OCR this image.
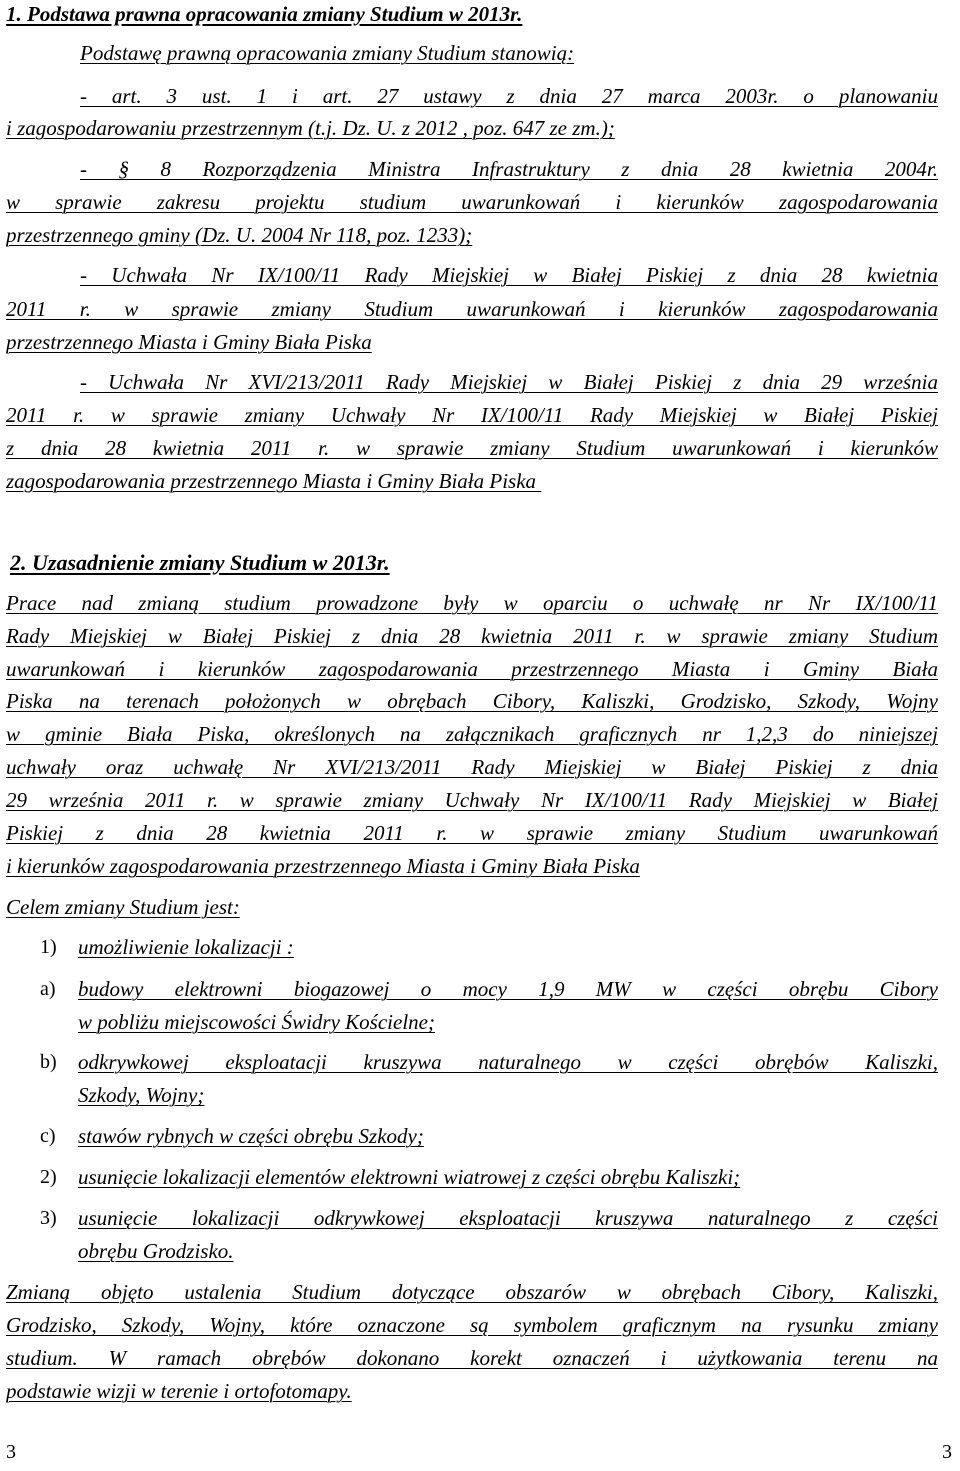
1. Podstawa prawna opracowania zmiany Studium w 2013r.
Podstawę prawną opracowania zmiany Studium stanowią:
- art. 3 ust. 1 i art. 27 ustawy z dnia 27 marca 2003r. o planowaniu
i zagospodarowaniu przestrzennym (t.j. Dz. U. z 2012 , poz. 647 ze zm.);
- § 8 Rozporządzenia Ministra Infrastruktury z dnia 28 kwietnia 2004r.
w sprawie zakresu projektu studium uwarunkowań i kierunków zagospodarowania
przestrzennego gminy (Dz. U. 2004 Nr 118, poz. 1233);
- Uchwała Nr IX/100/11 Rady Miejskiej w Białej Piskiej z dnia 28 kwietnia
2011 r. w sprawie zmiany Studium uwarunkowań i kierunków zagospodarowania
przestrzennego Miasta i Gminy Biała Piska
- Uchwała Nr XVI/213/2011 Rady Miejskiej w Białej Piskiej z dnia 29 września
2011 r. w sprawie zmiany Uchwały Nr IX/100/11 Rady Miejskiej w Białej Piskiej
z dnia 28 kwietnia 2011 r. w sprawie zmiany Studium uwarunkowań i kierunków
zagospodarowania przestrzennego Miasta i Gminy Biała Piska
2. Uzasadnienie zmiany Studium w 2013r.
Prace nad zmianą studium prowadzone były w oparciu o uchwałę nr Nr IX/100/11
Rady Miejskiej w Białej Piskiej z dnia 28 kwietnia 2011 r. w sprawie zmiany Studium
uwarunkowań i kierunków zagospodarowania przestrzennego Miasta i Gminy Biała
Piska na terenach położonych w obrębach Cibory, Kaliszki, Grodzisko, Szkody, Wojny
w gminie Biała Piska, określonych na załącznikach graficznych nr 1,2,3 do niniejszej
uchwały oraz uchwałę Nr XVI/213/2011 Rady Miejskiej w Białej Piskiej z dnia
29 września 2011 r. w sprawie zmiany Uchwały Nr IX/100/11 Rady Miejskiej w Białej
Piskiej z dnia 28 kwietnia 2011 r. w sprawie zmiany Studium uwarunkowań
i kierunków zagospodarowania przestrzennego Miasta i Gminy Biała Piska
Celem zmiany Studium jest:
1) umożliwienie lokalizacji :
a) budowy elektrowni biogazowej o mocy 1,9 MW w części obrębu Cibory
w pobliżu miejscowości Świdry Kościelne;
b) odkrywkowej eksploatacji kruszywa naturalnego w części obrębów Kaliszki,
Szkody, Wojny;
c) stawów rybnych w części obrębu Szkody;
2) usunięcie lokalizacji elementów elektrowni wiatrowej z części obrębu Kaliszki;
3) usunięcie lokalizacji odkrywkowej eksploatacji kruszywa naturalnego z części
obrębu Grodzisko.
Zmianą objęto ustalenia Studium dotyczące obszarów w obrębach Cibory, Kaliszki,
Grodzisko, Szkody, Wojny, które oznaczone są symbolem graficznym na rysunku zmiany
studium. W ramach obrębów dokonano korekt oznaczeń i użytkowania terenu na
podstawie wizji w terenie i ortofotomapy.
3	3
